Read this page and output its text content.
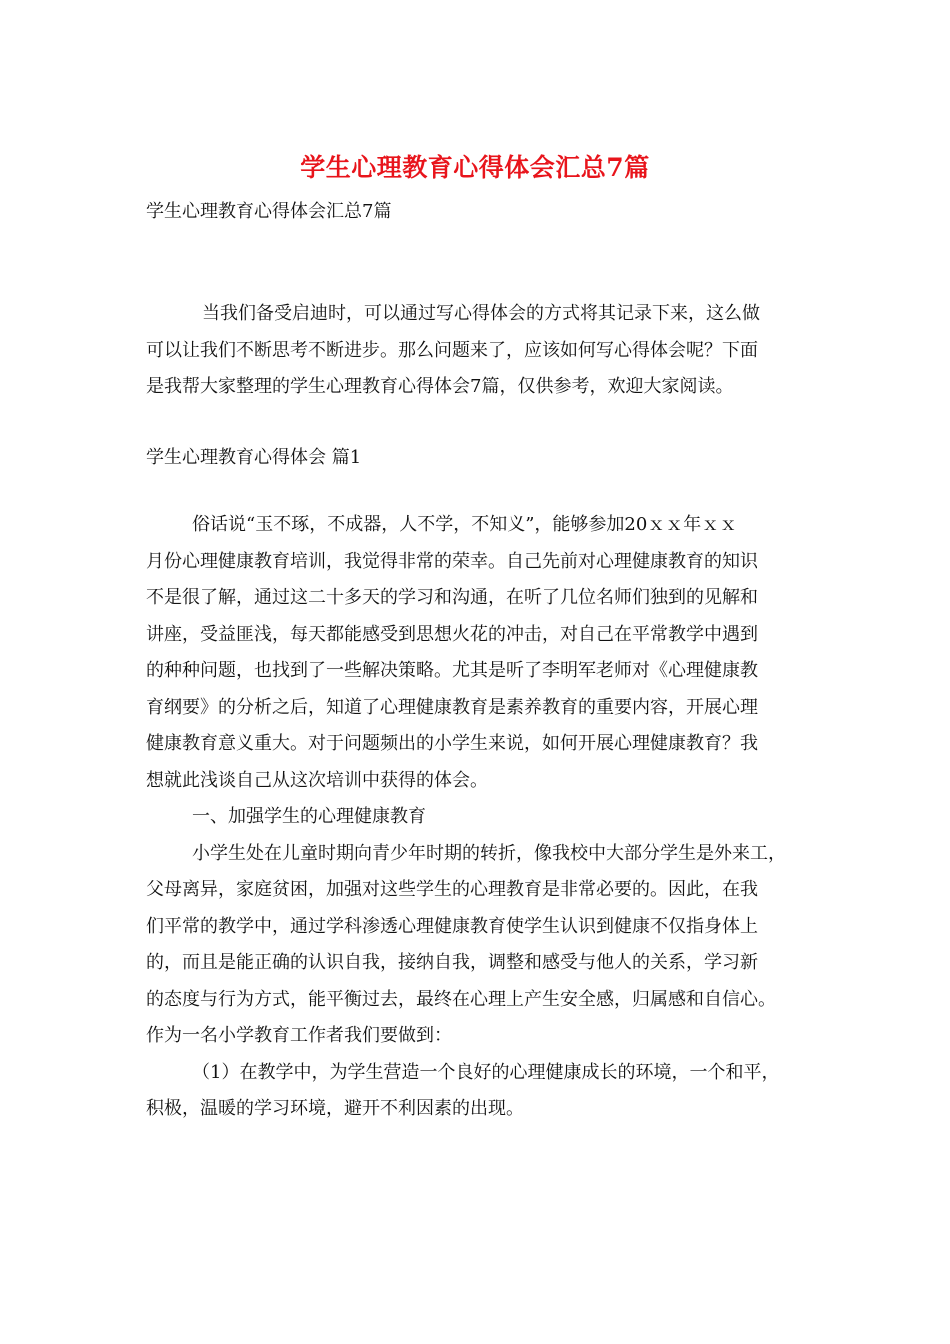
学生心理教育心得体会汇总7篇
学生心理教育心得体会汇总7篇
当我们备受启迪时，可以通过写心得体会的方式将其记录下来，这么做
可以让我们不断思考不断进步。那么问题来了，应该如何写心得体会呢？下面
是我帮大家整理的学生心理教育心得体会7篇，仅供参考，欢迎大家阅读。
学生心理教育心得体会 篇1
俗话说“玉不琢，不成器，人不学，不知义”，能够参加20ｘｘ年ｘｘ
月份心理健康教育培训，我觉得非常的荣幸。自己先前对心理健康教育的知识
不是很了解，通过这二十多天的学习和沟通，在听了几位名师们独到的见解和
讲座，受益匪浅，每天都能感受到思想火花的冲击，对自己在平常教学中遇到
的种种问题，也找到了一些解决策略。尤其是听了李明军老师对《心理健康教
育纲要》的分析之后，知道了心理健康教育是素养教育的重要内容，开展心理
健康教育意义重大。对于问题频出的小学生来说，如何开展心理健康教育？我
想就此浅谈自己从这次培训中获得的体会。
一、加强学生的心理健康教育
小学生处在儿童时期向青少年时期的转折，像我校中大部分学生是外来工，
父母离异，家庭贫困，加强对这些学生的心理教育是非常必要的。因此，在我
们平常的教学中，通过学科渗透心理健康教育使学生认识到健康不仅指身体上
的，而且是能正确的认识自我，接纳自我，调整和感受与他人的关系，学习新
的态度与行为方式，能平衡过去，最终在心理上产生安全感，归属感和自信心。
作为一名小学教育工作者我们要做到：
（1）在教学中，为学生营造一个良好的心理健康成长的环境，一个和平，
积极，温暖的学习环境，避开不利因素的出现。
